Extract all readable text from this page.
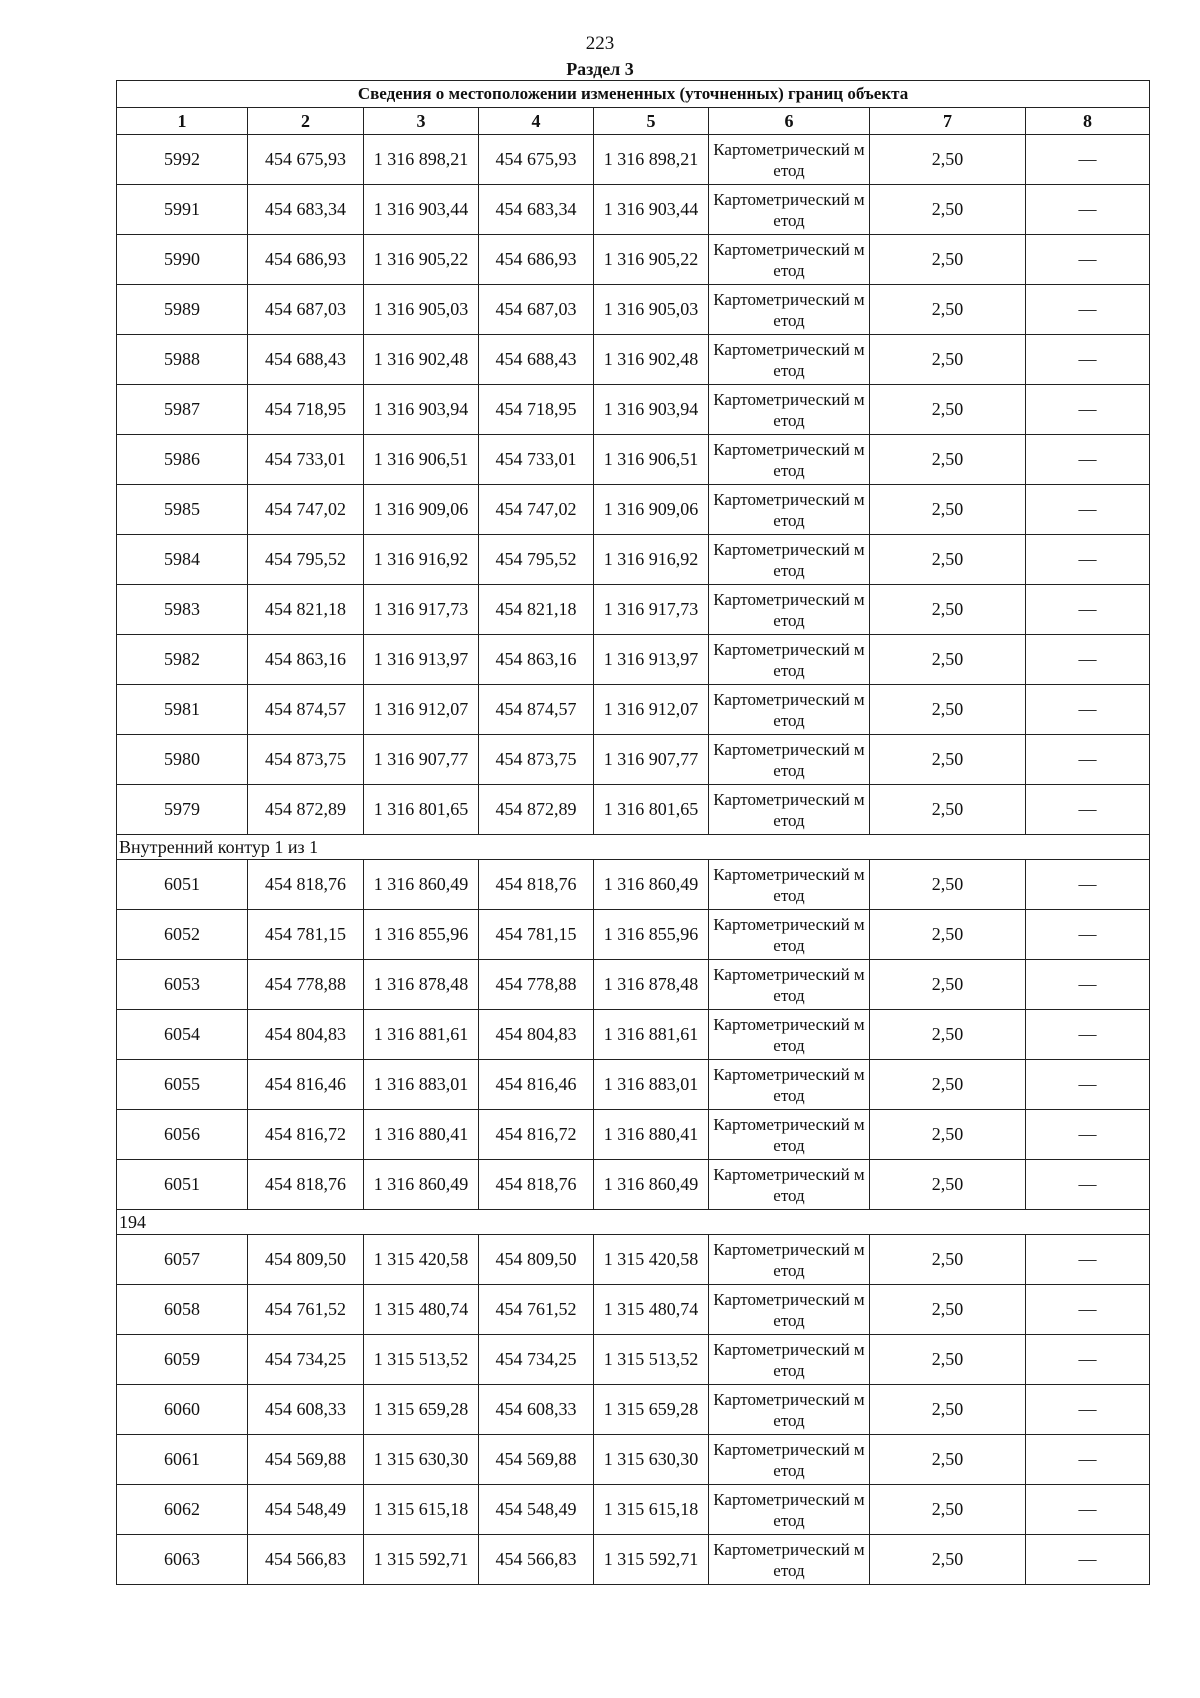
223
Раздел 3
Сведения о местоположении измененных (уточненных) границ объекта							
1	2	3	4	5	6	7	8
5992	454 675,93	1 316 898,21	454 675,93	1 316 898,21	Картометрический метод	2,50	—
5991	454 683,34	1 316 903,44	454 683,34	1 316 903,44	Картометрический метод	2,50	—
5990	454 686,93	1 316 905,22	454 686,93	1 316 905,22	Картометрический метод	2,50	—
5989	454 687,03	1 316 905,03	454 687,03	1 316 905,03	Картометрический метод	2,50	—
5988	454 688,43	1 316 902,48	454 688,43	1 316 902,48	Картометрический метод	2,50	—
5987	454 718,95	1 316 903,94	454 718,95	1 316 903,94	Картометрический метод	2,50	—
5986	454 733,01	1 316 906,51	454 733,01	1 316 906,51	Картометрический метод	2,50	—
5985	454 747,02	1 316 909,06	454 747,02	1 316 909,06	Картометрический метод	2,50	—
5984	454 795,52	1 316 916,92	454 795,52	1 316 916,92	Картометрический метод	2,50	—
5983	454 821,18	1 316 917,73	454 821,18	1 316 917,73	Картометрический метод	2,50	—
5982	454 863,16	1 316 913,97	454 863,16	1 316 913,97	Картометрический метод	2,50	—
5981	454 874,57	1 316 912,07	454 874,57	1 316 912,07	Картометрический метод	2,50	—
5980	454 873,75	1 316 907,77	454 873,75	1 316 907,77	Картометрический метод	2,50	—
5979	454 872,89	1 316 801,65	454 872,89	1 316 801,65	Картометрический метод	2,50	—
Внутренний контур 1 из 1							
6051	454 818,76	1 316 860,49	454 818,76	1 316 860,49	Картометрический метод	2,50	—
6052	454 781,15	1 316 855,96	454 781,15	1 316 855,96	Картометрический метод	2,50	—
6053	454 778,88	1 316 878,48	454 778,88	1 316 878,48	Картометрический метод	2,50	—
6054	454 804,83	1 316 881,61	454 804,83	1 316 881,61	Картометрический метод	2,50	—
6055	454 816,46	1 316 883,01	454 816,46	1 316 883,01	Картометрический метод	2,50	—
6056	454 816,72	1 316 880,41	454 816,72	1 316 880,41	Картометрический метод	2,50	—
6051	454 818,76	1 316 860,49	454 818,76	1 316 860,49	Картометрический метод	2,50	—
194							
6057	454 809,50	1 315 420,58	454 809,50	1 315 420,58	Картометрический метод	2,50	—
6058	454 761,52	1 315 480,74	454 761,52	1 315 480,74	Картометрический метод	2,50	—
6059	454 734,25	1 315 513,52	454 734,25	1 315 513,52	Картометрический метод	2,50	—
6060	454 608,33	1 315 659,28	454 608,33	1 315 659,28	Картометрический метод	2,50	—
6061	454 569,88	1 315 630,30	454 569,88	1 315 630,30	Картометрический метод	2,50	—
6062	454 548,49	1 315 615,18	454 548,49	1 315 615,18	Картометрический метод	2,50	—
6063	454 566,83	1 315 592,71	454 566,83	1 315 592,71	Картометрический метод	2,50	—
